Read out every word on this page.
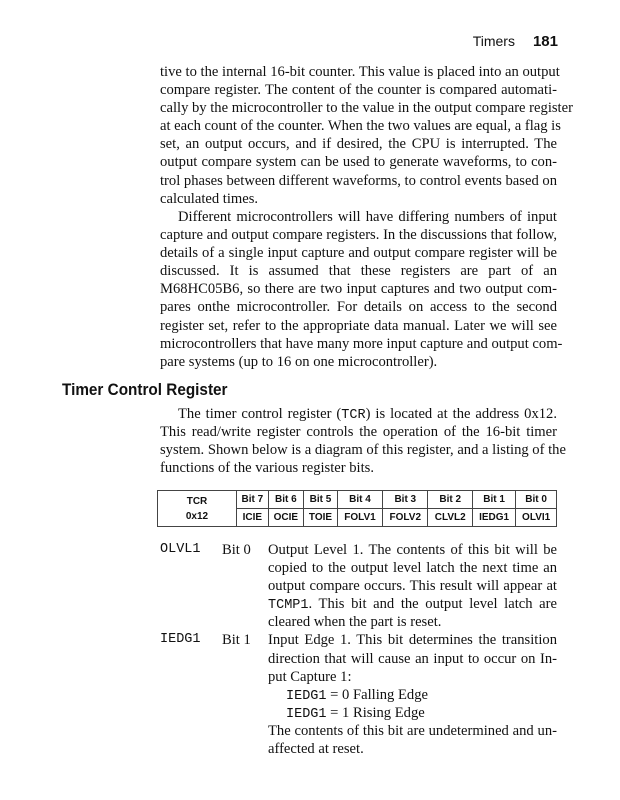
Timers 181
tive to the internal 16-bit counter. This value is placed into an output
compare register. The content of the counter is compared automati-
cally by the microcontroller to the value in the output compare register
at each count of the counter. When the two values are equal, a flag is
set, an output occurs, and if desired, the CPU is interrupted. The
output compare system can be used to generate waveforms, to con-
trol phases between different waveforms, to control events based on
calculated times.
Different microcontrollers will have differing numbers of input
capture and output compare registers. In the discussions that follow,
details of a single input capture and output compare register will be
discussed. It is assumed that these registers are part of an
M68HC05B6, so there are two input captures and two output com-
pares onthe microcontroller. For details on access to the second
register set, refer to the appropriate data manual. Later we will see
microcontrollers that have many more input capture and output com-
pare systems (up to 16 on one microcontroller).
Timer Control Register
The timer control register (TCR) is located at the address 0x12.
This read/write register controls the operation of the 16-bit timer
system. Shown below is a diagram of this register, and a listing of the
functions of the various register bits.
TCR
0x12	Bit 7	Bit 6	Bit 5	Bit 4	Bit 3	Bit 2	Bit 1	Bit 0
	ICIE	OCIE	TOIE	FOLV1	FOLV2	CLVL2	IEDG1	OLVI1
OLVL1	Bit 0	Output Level 1. The contents of this bit will be
copied to the output level latch the next time an
output compare occurs. This result will appear at
TCMP1. This bit and the output level latch are
cleared when the part is reset.
IEDG1	Bit 1	Input Edge 1. This bit determines the transition
direction that will cause an input to occur on In-
put Capture 1:
IEDG1 = 0 Falling Edge
IEDG1 = 1 Rising Edge
The contents of this bit are undetermined and un-
affected at reset.
